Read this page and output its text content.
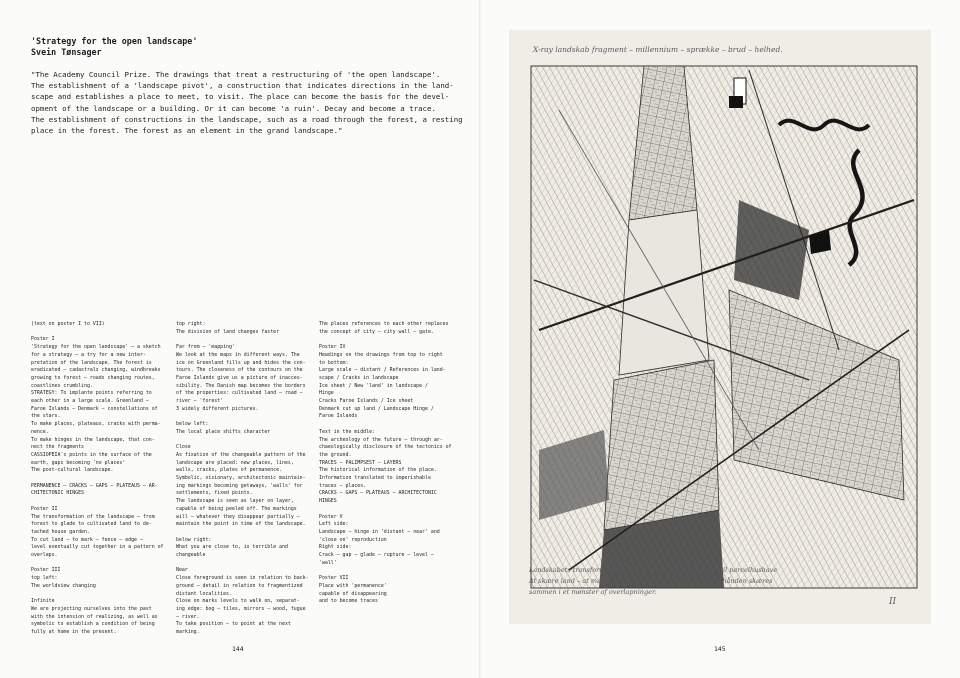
'Strategy for the open landscape'
Svein Tønsager
"The Academy Council Prize. The drawings that treat a restructuring of 'the open landscape'.
The establishment of a 'landscape pivot', a construction that indicates directions in the land-
scape and establishes a place to meet, to visit. The place can become the basis for the devel-
opment of the landscape or a building. Or it can become 'a ruin'. Decay and become a trace.
The establishment of constructions in the landscape, such as a road through the forest, a resting
place in the forest. The forest as an element in the grand landscape."
(text on poster I to VII)
Poster I
'Strategy for the open landscape' – a sketch
for a strategy – a try for a new inter-
pretation of the landscape. The forest is
eradicated – cadastrals changing, windbreaks
growing to forest – roads changing routes,
coastlines crumbling.
STRATEGY: To implante points referring to
each other in a large scale. Greenland –
Faroe Islands – Denmark – constellations of
the stars.
To make places, plateaus, cracks with perma-
nence.
To make hinges in the landscape, that con-
nect the fragments
CASSIOPEIA's points in the surface of the
earth, gaps becoming 'no places'
The post-cultural landscape.
PERMANENCE – CRACKS – GAPS – PLATEAUS – AR-
CHITECTONIC HINGES
Poster II
The transformation of the landscape – from
forest to glade to cultivated land to de-
tached house garden.
To cut land – to mark – fence – edge –
level eventually cut together in a pattern of
overlaps.
Poster III
top left:
The worldview changing
Infinite
We are projecting ourselves into the past
with the intension of realizing, as well as
symbolic to establish a condition of being
fully at home in the present.
top right:
The division of land changes faster
Far from – 'mapping'
We look at the maps in different ways. The
ice on Greenland fills up and hides the con-
tours. The closeness of the contours on the
Faroe Islands give us a picture of inacces-
sibility. The Danish map becomes the borders
of the properties: cultivated land – road –
river – 'forest'
3 widely different pictures.
below left:
The local place shifts character
Close
As fixation of the changeable pattern of the
landscape are placed: new places, lines,
walls, cracks, plates of permanence.
Symbolic, visionary, architectonic maintain-
ing markings becoming getaways, 'walls' for
settlements, fixed points.
The landscape is seen as layer on layer,
capable of being peeled off. The markings
will – whatever they disappear partially –
maintain the point in time of the landscape.
below right:
What you are close to, is terrible and
changeable
Near
Close foreground is seen in relation to back-
ground – detail in relation to fragmentized
distant localities.
Close on marks levels to walk on, separat-
ing edge: bog – tiles, mirrors – wood, fugue
– river.
To take position – to point at the next
marking.
The places references to each other replaces
the concept of city – city wall – gate.
Poster IV
Headings on the drawings from top to right
to bottom:
Large scale – distant / References in land-
scape / Cracks in landscape
Ice sheet / New 'land' in landscape /
Hinge
Cracks Faroe Islands / Ice sheet
Denmark cut up land / Landscape Hinge /
Faroe Islands
Text in the middle:
The archeology of the future – through ar-
chaeologically disclosure of the tectonics of
the ground.
TRACES – PALIMPSEST – LAYERS
The historical information of the place.
Information translated to imperishable
traces – places.
CRACKS – GAPS – PLATEAUS – ARCHITECTONIC
HINGES
Poster V
Left side:
Landscape – hinge in 'distant – near' and
'close on' reproduction
Right side:
Crack – gap – glade – rupture – level –
'wall'
Poster VII
Place with 'permanence'
capable of disappearing
and to become traces
144
X-ray landskab fragment – millennium – sprække – brud – helhed.
Landskabets transformation – fra skov til lysning til mark til parcelhushave
At skære land – at markere – hegn – kant – flader der efterhånden skæres
sammen i et mønster af overlapninger.
II
145
